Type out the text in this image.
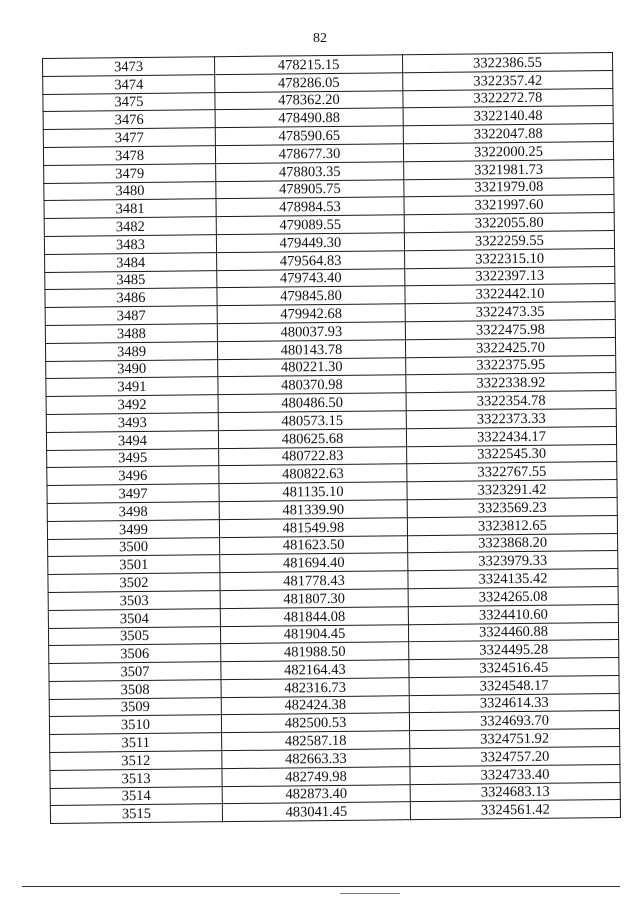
82
3473	478215.15	3322386.55
3474	478286.05	3322357.42
3475	478362.20	3322272.78
3476	478490.88	3322140.48
3477	478590.65	3322047.88
3478	478677.30	3322000.25
3479	478803.35	3321981.73
3480	478905.75	3321979.08
3481	478984.53	3321997.60
3482	479089.55	3322055.80
3483	479449.30	3322259.55
3484	479564.83	3322315.10
3485	479743.40	3322397.13
3486	479845.80	3322442.10
3487	479942.68	3322473.35
3488	480037.93	3322475.98
3489	480143.78	3322425.70
3490	480221.30	3322375.95
3491	480370.98	3322338.92
3492	480486.50	3322354.78
3493	480573.15	3322373.33
3494	480625.68	3322434.17
3495	480722.83	3322545.30
3496	480822.63	3322767.55
3497	481135.10	3323291.42
3498	481339.90	3323569.23
3499	481549.98	3323812.65
3500	481623.50	3323868.20
3501	481694.40	3323979.33
3502	481778.43	3324135.42
3503	481807.30	3324265.08
3504	481844.08	3324410.60
3505	481904.45	3324460.88
3506	481988.50	3324495.28
3507	482164.43	3324516.45
3508	482316.73	3324548.17
3509	482424.38	3324614.33
3510	482500.53	3324693.70
3511	482587.18	3324751.92
3512	482663.33	3324757.20
3513	482749.98	3324733.40
3514	482873.40	3324683.13
3515	483041.45	3324561.42
